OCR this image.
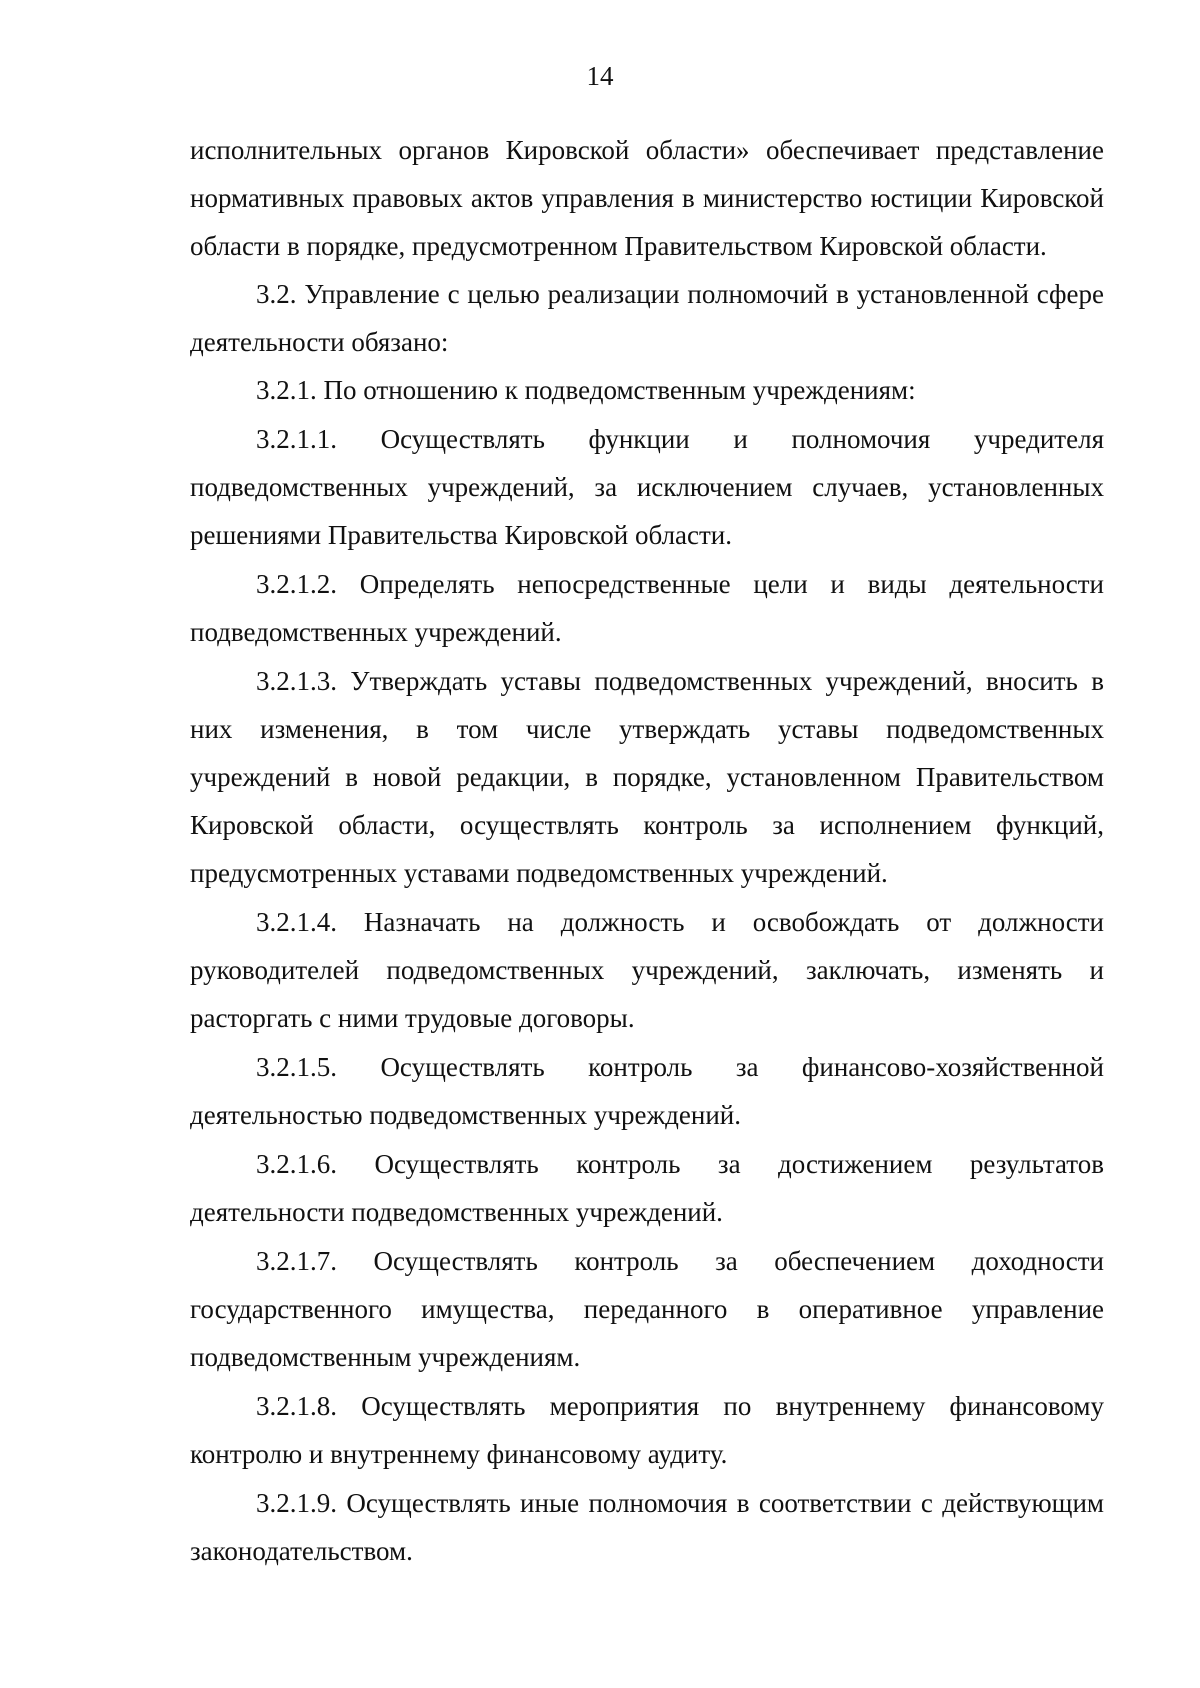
14

исполнительных органов Кировской области» обеспечивает представление нормативных правовых актов управления в министерство юстиции Кировской области в порядке, предусмотренном Правительством Кировской области.

3.2. Управление с целью реализации полномочий в установленной сфере деятельности обязано:

3.2.1. По отношению к подведомственным учреждениям:

3.2.1.1. Осуществлять функции и полномочия учредителя подведомственных учреждений, за исключением случаев, установленных решениями Правительства Кировской области.

3.2.1.2. Определять непосредственные цели и виды деятельности подведомственных учреждений.

3.2.1.3. Утверждать уставы подведомственных учреждений, вносить в них изменения, в том числе утверждать уставы подведомственных учреждений в новой редакции, в порядке, установленном Правительством Кировской области, осуществлять контроль за исполнением функций, предусмотренных уставами подведомственных учреждений.

3.2.1.4. Назначать на должность и освобождать от должности руководителей подведомственных учреждений, заключать, изменять и расторгать с ними трудовые договоры.

3.2.1.5. Осуществлять контроль за финансово-хозяйственной деятельностью подведомственных учреждений.

3.2.1.6. Осуществлять контроль за достижением результатов деятельности подведомственных учреждений.

3.2.1.7. Осуществлять контроль за обеспечением доходности государственного имущества, переданного в оперативное управление подведомственным учреждениям.

3.2.1.8. Осуществлять мероприятия по внутреннему финансовому контролю и внутреннему финансовому аудиту.

3.2.1.9. Осуществлять иные полномочия в соответствии с действующим законодательством.
